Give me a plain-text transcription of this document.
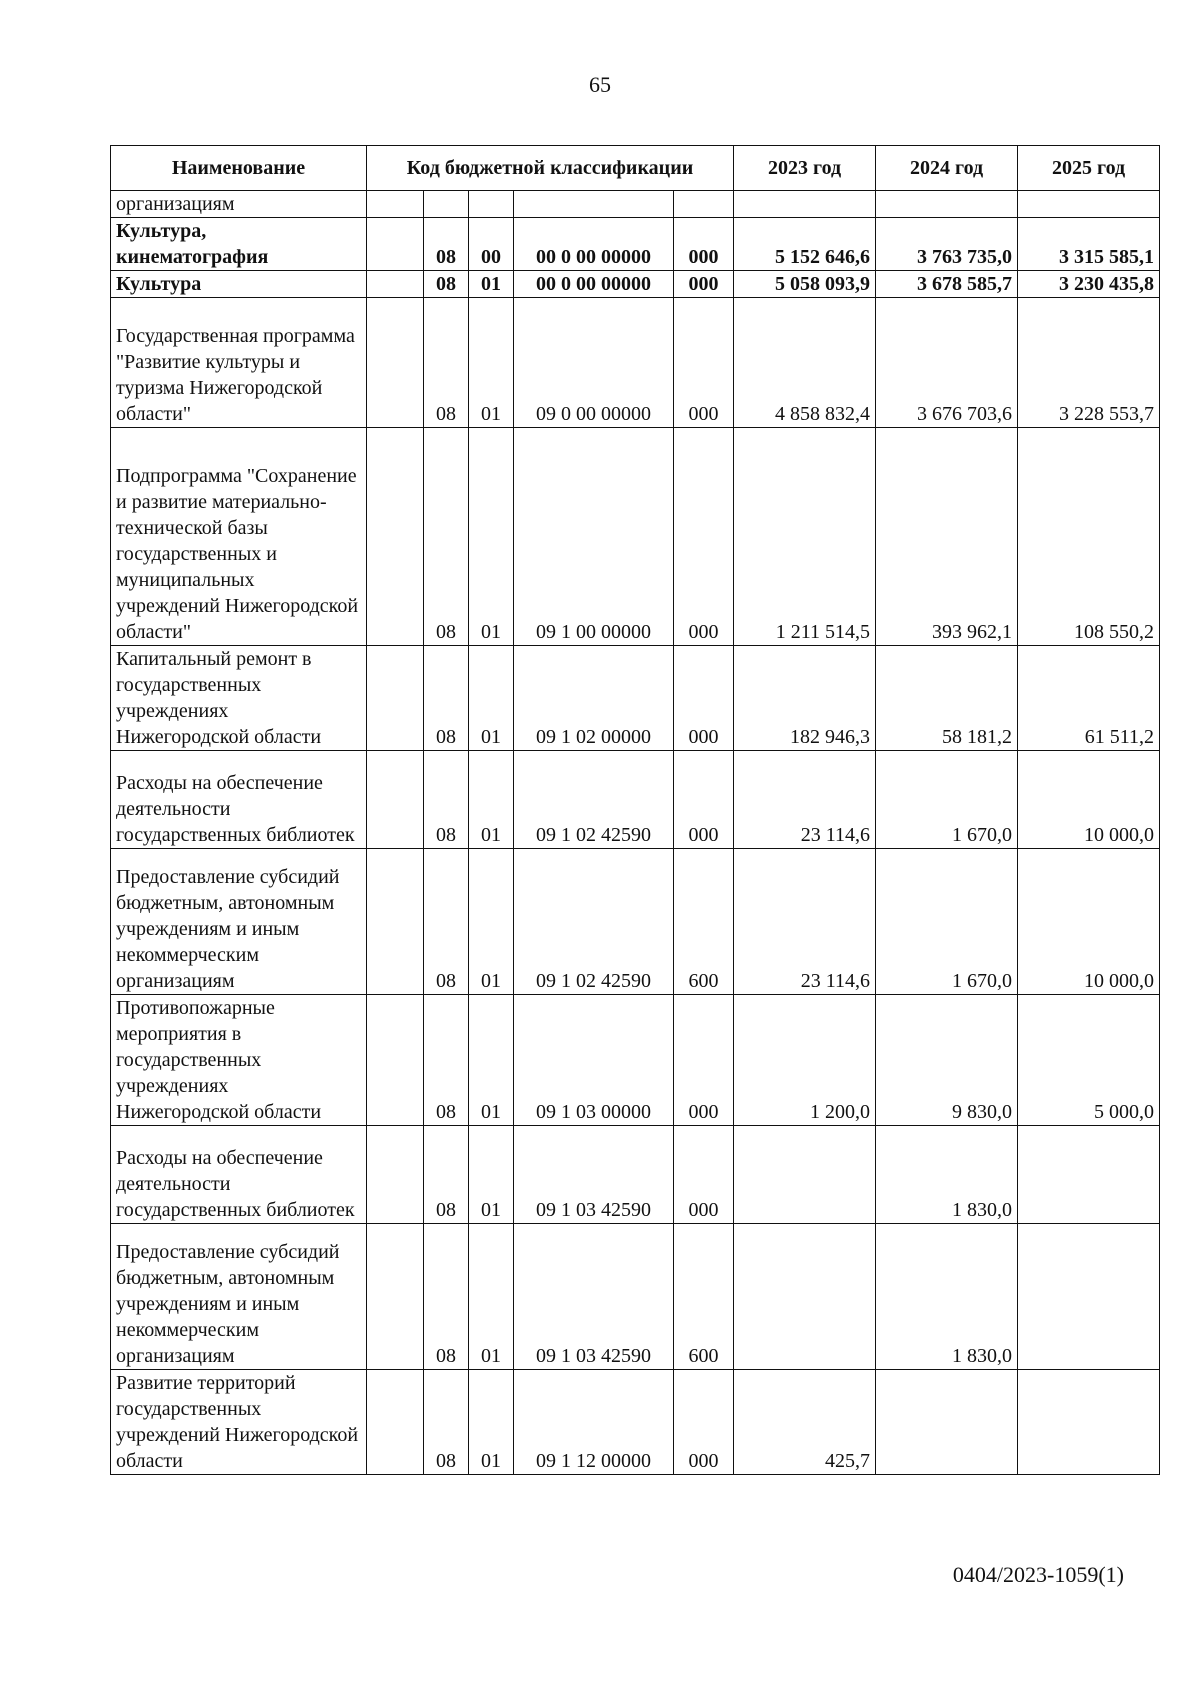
65
Наименование	Код бюджетной классификации					2023 год	2024 год	2025 год
организациям								
Культура, кинематография		08	00	00 0 00 00000	000	5 152 646,6	3 763 735,0	3 315 585,1
Культура		08	01	00 0 00 00000	000	5 058 093,9	3 678 585,7	3 230 435,8
Государственная программа "Развитие культуры и туризма Нижегородской области"		08	01	09 0 00 00000	000	4 858 832,4	3 676 703,6	3 228 553,7
Подпрограмма "Сохранение и развитие материально-технической базы государственных и муниципальных учреждений Нижегородской области"		08	01	09 1 00 00000	000	1 211 514,5	393 962,1	108 550,2
Капитальный ремонт в государственных учреждениях Нижегородской области		08	01	09 1 02 00000	000	182 946,3	58 181,2	61 511,2
Расходы на обеспечение деятельности государственных библиотек		08	01	09 1 02 42590	000	23 114,6	1 670,0	10 000,0
Предоставление субсидий бюджетным, автономным учреждениям и иным некоммерческим организациям		08	01	09 1 02 42590	600	23 114,6	1 670,0	10 000,0
Противопожарные мероприятия в государственных учреждениях Нижегородской области		08	01	09 1 03 00000	000	1 200,0	9 830,0	5 000,0
Расходы на обеспечение деятельности государственных библиотек		08	01	09 1 03 42590	000		1 830,0	
Предоставление субсидий бюджетным, автономным учреждениям и иным некоммерческим организациям		08	01	09 1 03 42590	600		1 830,0	
Развитие территорий государственных учреждений Нижегородской области		08	01	09 1 12 00000	000	425,7		
0404/2023-1059(1)
